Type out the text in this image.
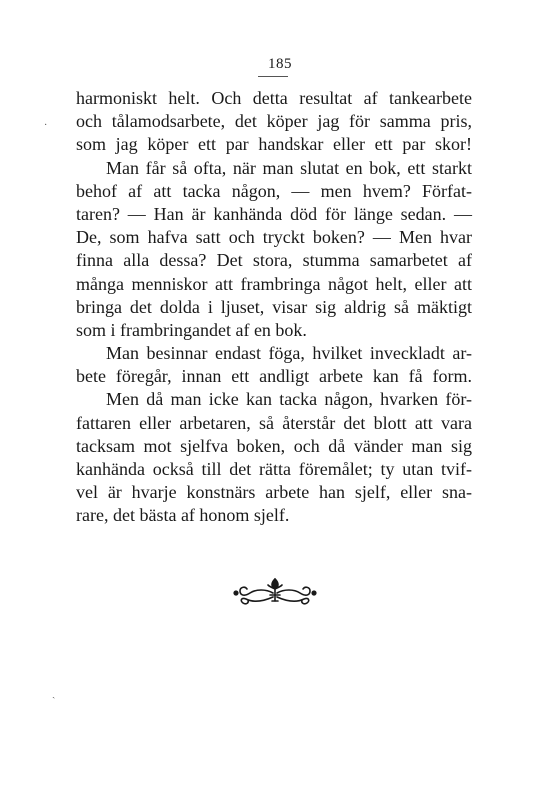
185
·
ˎ
harmoniskt helt. Och detta resultat af tankearbete
och tålamodsarbete, det köper jag för samma pris,
som jag köper ett par handskar eller ett par skor!
Man får så ofta, när man slutat en bok, ett starkt
behof af att tacka någon, — men hvem? Förfat-
taren? — Han är kanhända död för länge sedan. —
De, som hafva satt och tryckt boken? — Men hvar
finna alla dessa? Det stora, stumma samarbetet af
många menniskor att frambringa något helt, eller att
bringa det dolda i ljuset, visar sig aldrig så mäktigt
som i frambringandet af en bok.
Man besinnar endast föga, hvilket inveckladt ar-
bete föregår, innan ett andligt arbete kan få form.
Men då man icke kan tacka någon, hvarken för-
fattaren eller arbetaren, så återstår det blott att vara
tacksam mot sjelfva boken, och då vänder man sig
kanhända också till det rätta föremålet; ty utan tvif-
vel är hvarje konstnärs arbete han sjelf, eller sna-
rare, det bästa af honom sjelf.
